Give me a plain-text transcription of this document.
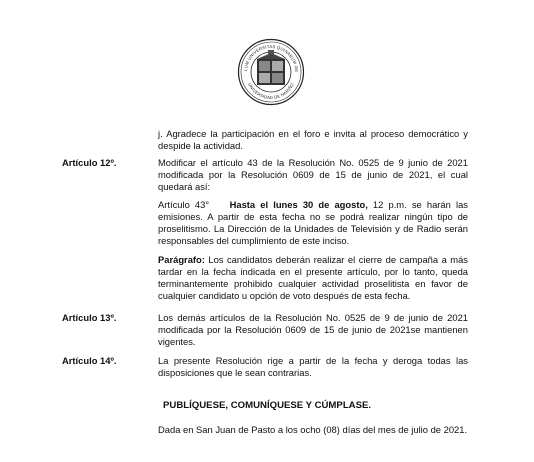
LUM UNIVERSITAS QUINARUM RE
UNIVERSIDAD DE NARIÑO

j. Agradece la participación en el foro e invita al proceso democrático y despide la actividad.

Artículo 12º.	Modificar el artículo 43 de la Resolución No. 0525 de 9 junio de 2021 modificada por la Resolución 0609 de 15 de junio de 2021, el cual quedará así:

Artículo 43° Hasta el lunes 30 de agosto, 12 p.m. se harán las emisiones. A partir de esta fecha no se podrá realizar ningún tipo de proselitismo. La Dirección de la Unidades de Televisión y de Radio serán responsables del cumplimiento de este inciso.

Parágrafo: Los candidatos deberán realizar el cierre de campaña a más tardar en la fecha indicada en el presente artículo, por lo tanto, queda terminantemente prohibido cualquier actividad proselitista en favor de cualquier candidato u opción de voto después de esta fecha.

Artículo 13º.	Los demás artículos de la Resolución No. 0525 de 9 de junio de 2021 modificada por la Resolución 0609 de 15 de junio de 2021se mantienen vigentes.

Artículo 14º.	La presente Resolución rige a partir de la fecha y deroga todas las disposiciones que le sean contrarias.

PUBLÍQUESE, COMUNÍQUESE Y CÚMPLASE.

Dada en San Juan de Pasto a los ocho (08) días del mes de julio de 2021.
